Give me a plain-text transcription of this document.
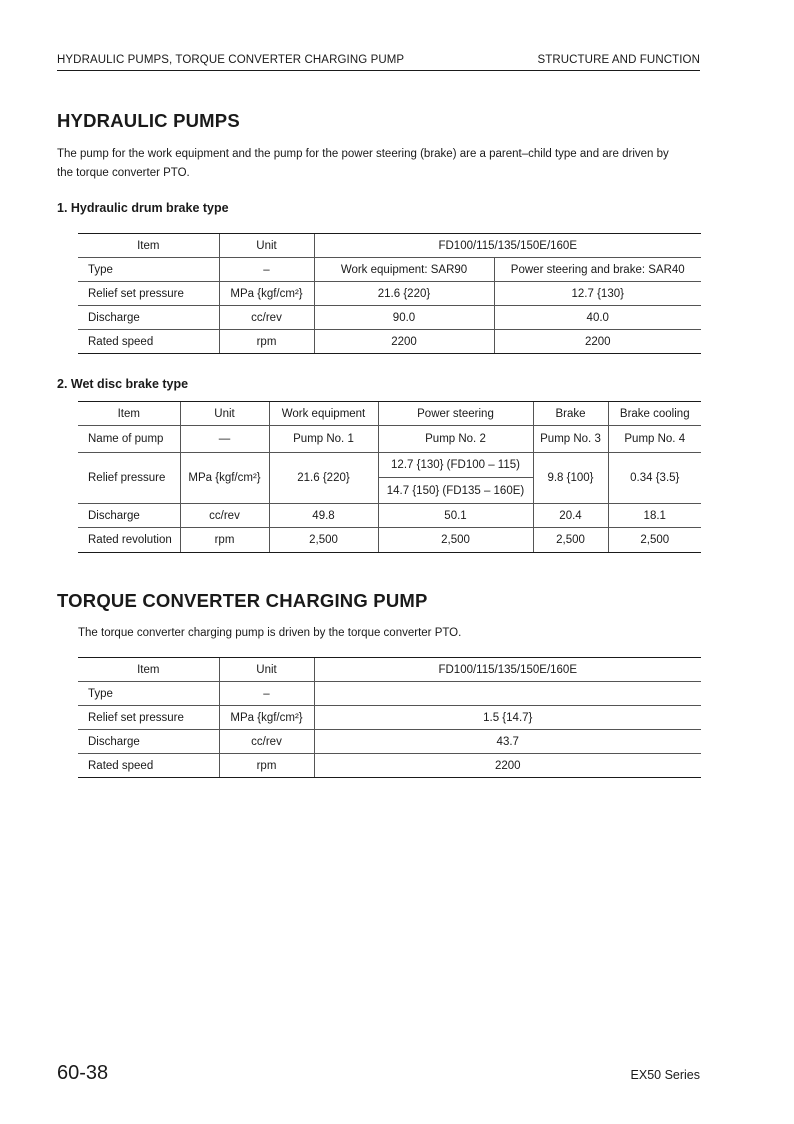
HYDRAULIC PUMPS, TORQUE CONVERTER CHARGING PUMP	STRUCTURE AND FUNCTION
HYDRAULIC PUMPS
The pump for the work equipment and the pump for the power steering (brake) are a parent–child type and are driven by
the torque converter PTO.
1. Hydraulic drum brake type
Item	Unit	FD100/115/135/150E/160E	
Type	–	Work equipment: SAR90	Power steering and brake: SAR40
Relief set pressure	MPa {kgf/cm²}	21.6 {220}	12.7 {130}
Discharge	cc/rev	90.0	40.0
Rated speed	rpm	2200	2200
2. Wet disc brake type
Item	Unit	Work equipment	Power steering	Brake	Brake cooling
Name of pump	—	Pump No. 1	Pump No. 2	Pump No. 3	Pump No. 4
Relief pressure	MPa {kgf/cm²}	21.6 {220}	12.7 {130} (FD100 – 115)	9.8 {100}	0.34 {3.5}
			14.7 {150} (FD135 – 160E)		
Discharge	cc/rev	49.8	50.1	20.4	18.1
Rated revolution	rpm	2,500	2,500	2,500	2,500
TORQUE CONVERTER CHARGING PUMP
The torque converter charging pump is driven by the torque converter PTO.
Item	Unit	FD100/115/135/150E/160E
Type	–	
Relief set pressure	MPa {kgf/cm²}	1.5 {14.7}
Discharge	cc/rev	43.7
Rated speed	rpm	2200
60-38	EX50 Series
